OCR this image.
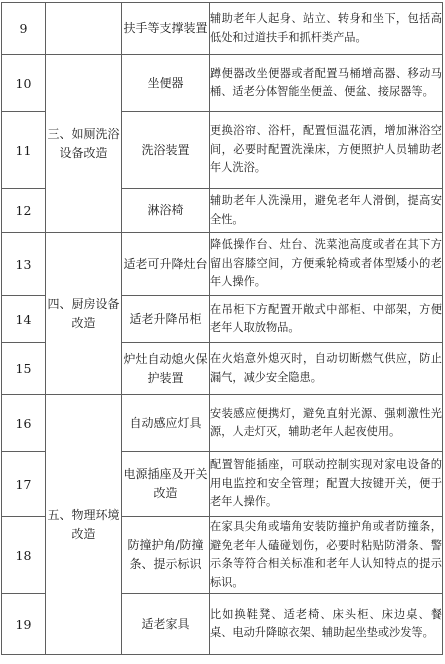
9		扶手等支撑装置	辅助老年人起身、站立、转身和坐下，包括高低处和过道扶手和抓杆类产品。
10	三、如厕洗浴设备改造	坐便器	蹲便器改坐便器或者配置马桶增高器、移动马桶、适老分体智能坐便盖、便盆、接尿器等。
11		洗浴装置	更换浴帘、浴杆，配置恒温花洒，增加淋浴空间，必要时配置洗澡床，方便照护人员辅助老年人洗浴。
12		淋浴椅	辅助老年人洗澡用，避免老年人滑倒，提高安全性。
13	四、厨房设备改造	适老可升降灶台	降低操作台、灶台、洗菜池高度或者在其下方留出容膝空间，方便乘轮椅或者体型矮小的老年人操作。
14		适老升降吊柜	在吊柜下方配置开敞式中部柜、中部架，方便老年人取放物品。
15		炉灶自动熄火保护装置	在火焰意外熄灭时，自动切断燃气供应，防止漏气，减少安全隐患。
16	五、物理环境改造	自动感应灯具	安装感应便携灯，避免直射光源、强刺激性光源，人走灯灭，辅助老年人起夜使用。
17		电源插座及开关改造	配置智能插座，可联动控制实现对家电设备的用电监控和安全管理；配置大按键开关，便于老年人操作。
18		防撞护角/防撞条、提示标识	在家具尖角或墙角安装防撞护角或者防撞条，避免老年人磕碰划伤，必要时粘贴防滑条、警示条等符合相关标准和老年人认知特点的提示标识。
19		适老家具	比如换鞋凳、适老椅、床头柜、床边桌、餐桌、电动升降晾衣架、辅助起坐垫或沙发等。
